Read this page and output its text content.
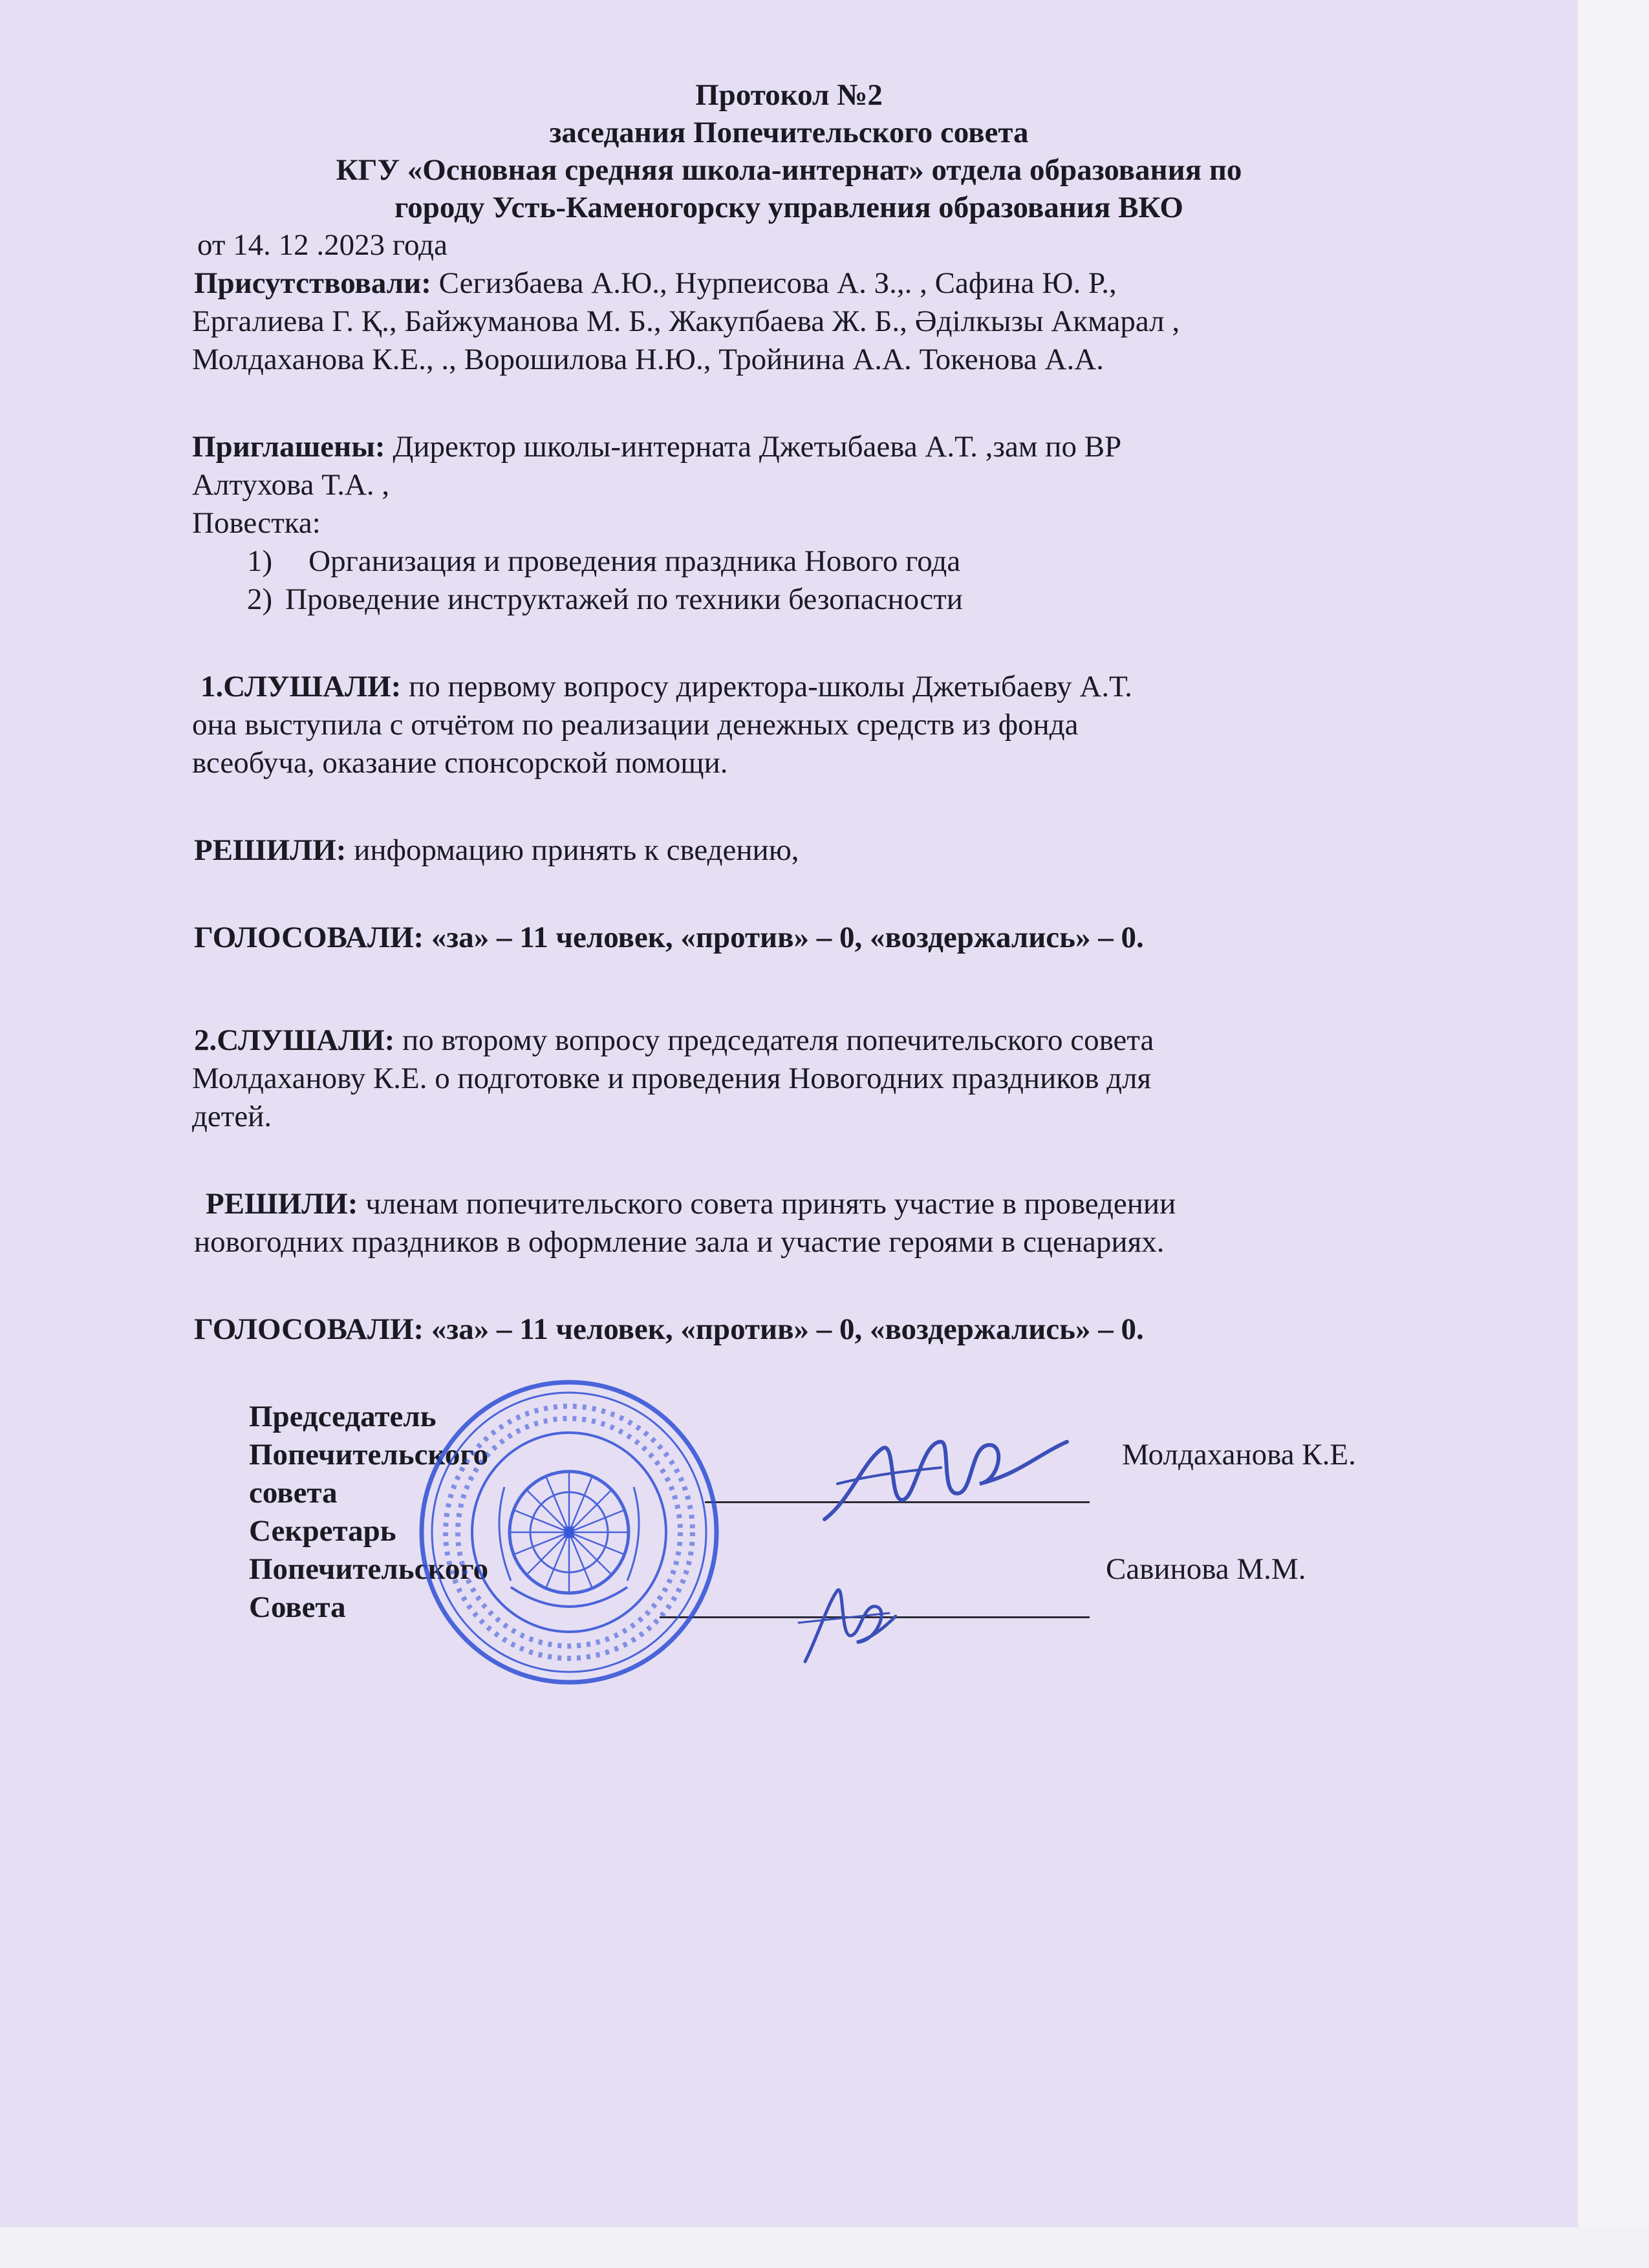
Протокол №2

заседания Попечительского совета

КГУ «Основная средняя школа-интернат» отдела образования по

городу Усть-Каменогорску управления образования ВКО

от 14. 12 .2023 года

Присутствовали: Сегизбаева А.Ю., Нурпеисова А. З.,. , Сафина Ю. Р.,

Ергалиева Г. Қ., Байжуманова М. Б., Жакупбаева Ж. Б., Әділкызы Акмарал ,

Молдаханова К.Е., ., Ворошилова Н.Ю., Тройнина А.А. Токенова А.А.

Приглашены: Директор школы-интерната Джетыбаева А.Т. ,зам по ВР

Алтухова Т.А. ,

Повестка:

1) Организация и проведения праздника Нового года

2) Проведение инструктажей по техники безопасности

1.СЛУШАЛИ: по первому вопросу директора-школы Джетыбаеву А.Т.

она выступила с отчётом по реализации денежных средств из фонда

всеобуча, оказание спонсорской помощи.

РЕШИЛИ: информацию принять к сведению,

ГОЛОСОВАЛИ: «за» – 11 человек, «против» – 0, «воздержались» – 0.

2.СЛУШАЛИ: по второму вопросу председателя попечительского совета

Молдаханову К.Е. о подготовке и проведения Новогодних праздников для

детей.

РЕШИЛИ: членам попечительского совета принять участие в проведении

новогодних праздников в оформление зала и участие героями в сценариях.

ГОЛОСОВАЛИ: «за» – 11 человек, «против» – 0, «воздержались» – 0.

Председатель

Попечительского

совета

Молдаханова К.Е.

Секретарь

Попечительского

Совета

Савинова М.М.
